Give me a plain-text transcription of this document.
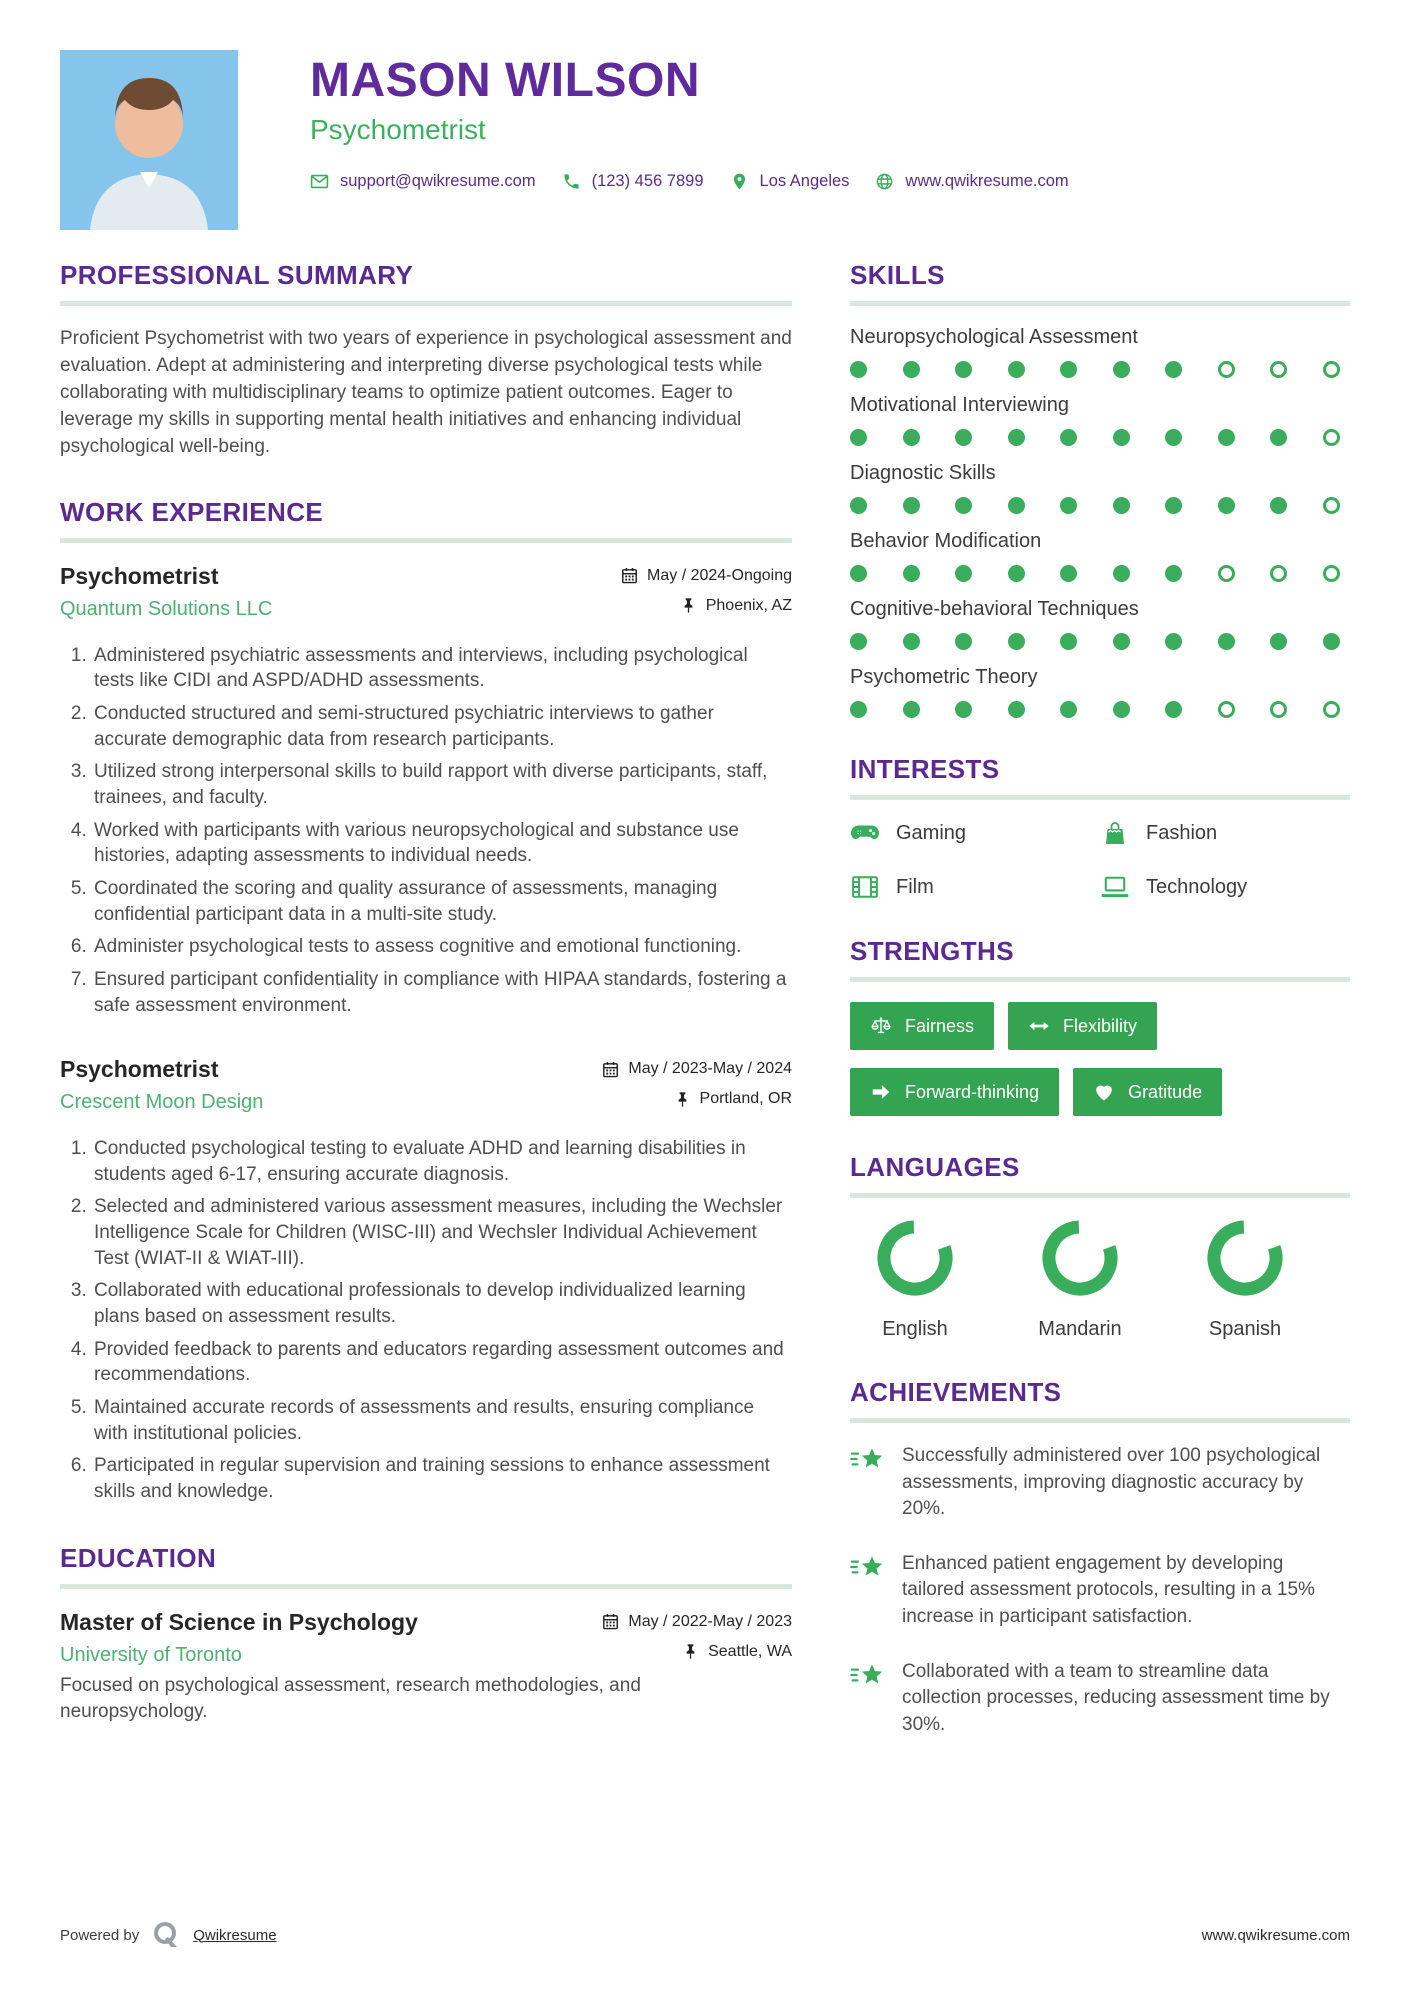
MASON WILSON
Psychometrist
support@qwikresume.com	(123) 456 7899	Los Angeles	www.qwikresume.com
PROFESSIONAL SUMMARY

Proficient Psychometrist with two years of experience in psychological assessment and evaluation. Adept at administering and interpreting diverse psychological tests while collaborating with multidisciplinary teams to optimize patient outcomes. Eager to leverage my skills in supporting mental health initiatives and enhancing individual psychological well-being.

WORK EXPERIENCE
Psychometrist
Quantum Solutions LLC
May / 2024-Ongoing
Phoenix, AZ
1. Administered psychiatric assessments and interviews, including psychological tests like CIDI and ASPD/ADHD assessments.
2. Conducted structured and semi-structured psychiatric interviews to gather accurate demographic data from research participants.
3. Utilized strong interpersonal skills to build rapport with diverse participants, staff, trainees, and faculty.
4. Worked with participants with various neuropsychological and substance use histories, adapting assessments to individual needs.
5. Coordinated the scoring and quality assurance of assessments, managing confidential participant data in a multi-site study.
6. Administer psychological tests to assess cognitive and emotional functioning.
7. Ensured participant confidentiality in compliance with HIPAA standards, fostering a safe assessment environment.
Psychometrist
Crescent Moon Design
May / 2023-May / 2024
Portland, OR
1. Conducted psychological testing to evaluate ADHD and learning disabilities in students aged 6-17, ensuring accurate diagnosis.
2. Selected and administered various assessment measures, including the Wechsler Intelligence Scale for Children (WISC-III) and Wechsler Individual Achievement Test (WIAT-II & WIAT-III).
3. Collaborated with educational professionals to develop individualized learning plans based on assessment results.
4. Provided feedback to parents and educators regarding assessment outcomes and recommendations.
5. Maintained accurate records of assessments and results, ensuring compliance with institutional policies.
6. Participated in regular supervision and training sessions to enhance assessment skills and knowledge.
EDUCATION
Master of Science in Psychology
University of Toronto
May / 2022-May / 2023
Seattle, WA

Focused on psychological assessment, research methodologies, and neuropsychology.

SKILLS
Neuropsychological Assessment
Motivational Interviewing
Diagnostic Skills
Behavior Modification
Cognitive-behavioral Techniques
Psychometric Theory
INTERESTS
Gaming	Fashion
Film	Technology
STRENGTHS
Fairness	Flexibility
Forward-thinking	Gratitude
LANGUAGES
English	Mandarin	Spanish
ACHIEVEMENTS
Successfully administered over 100 psychological assessments, improving diagnostic accuracy by 20%.
Enhanced patient engagement by developing tailored assessment protocols, resulting in a 15% increase in participant satisfaction.
Collaborated with a team to streamline data collection processes, reducing assessment time by 30%.
Powered by	Qwikresume	www.qwikresume.com
